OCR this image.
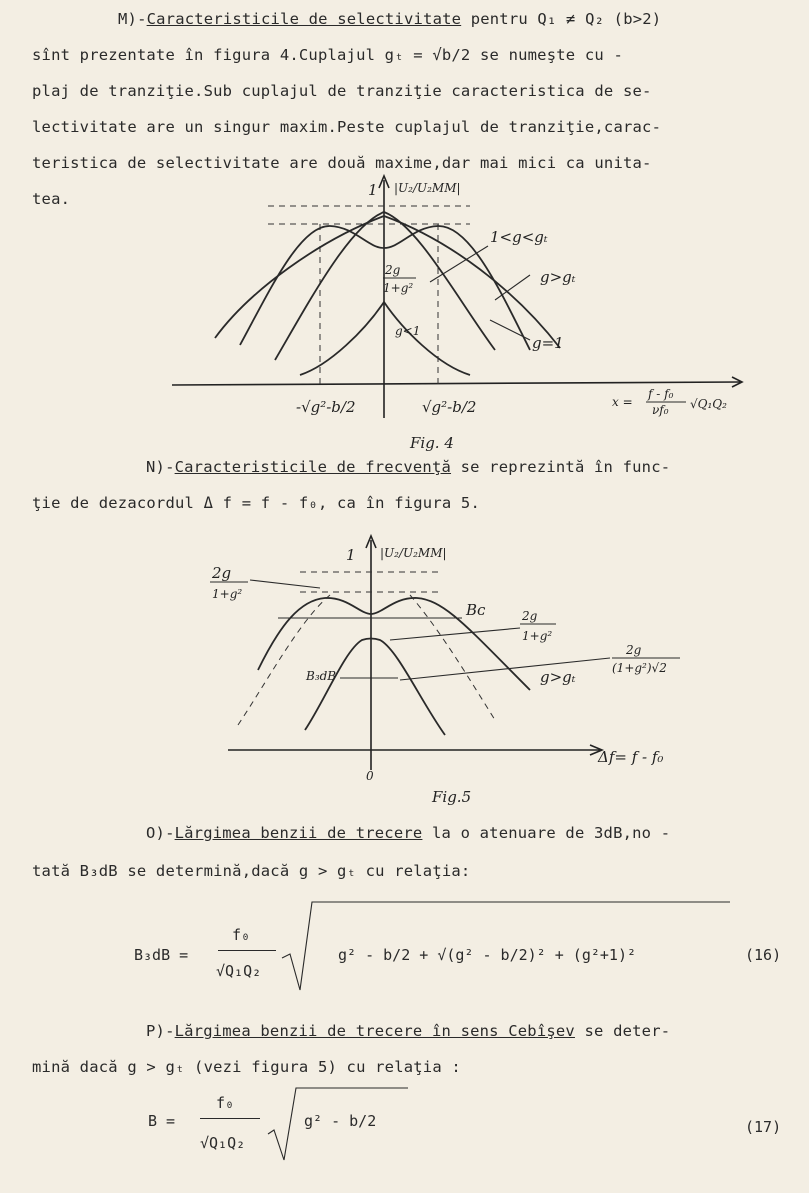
M)-Caracteristicile de selectivitate pentru Q₁ ≠ Q₂ (b>2)
sînt prezentate în figura 4.Cuplajul gₜ = √b/2 se numeşte cu -
plaj de tranziţie.Sub cuplajul de tranziţie caracteristica de se-
lectivitate are un singur maxim.Peste cuplajul de tranziţie,carac-
teristica de selectivitate are două maxime,dar mai mici ca unita-
tea.	1 |U₂/U₂MM|
1<g<gₜ
g>gₜ
g=1
g<1
2g
1+g²
-√g²-b/2	√g²-b/2	x =
f - f₀
νf₀ √Q₁Q₂
Fig. 4
N)-Caracteristicile de frecvenţă se reprezintă în func-
ţie de dezacordul Δ f = f - f₀, ca în figura 5.
1 |U₂/U₂MM|
2g
1+g²
Bᴄ	2g
1+g²
B₃dB	g>gₜ
2g
(1+g²)√2
0
Δf= f - f₀
Fig.5
O)-Lărgimea benzii de trecere la o atenuare de 3dB,no -
tată B₃dB se determină,dacă g > gₜ cu relaţia:
B₃dB =
f₀
√Q₁Q₂
g² - b/2 + √(g² - b/2)² + (g²+1)²	(16)
P)-Lărgimea benzii de trecere în sens Cebîşev se deter-
mină dacă g > gₜ (vezi figura 5) cu relaţia :
B =
f₀
√Q₁Q₂
g² - b/2	(17)
